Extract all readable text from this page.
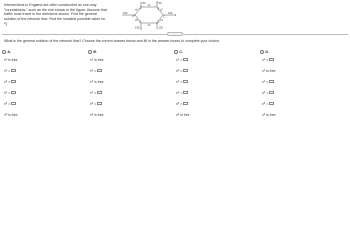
Intersections in England are often constructed as one-way
"roundabouts," such as the one shown in the figure. Assume that
traffic must travel in the directions shown. Find the general
solution of the network flow. Find the smallest possible value for
$x_6$.
80	50
100
120
150
100
A	B
C
D
E
F
x1
x2
x3
x4
x5
x6
· · ·
What is the general solution of the network flow? Choose the correct answer below and fill in the answer boxes to complete your choice.
A.
x 1 is free
x 2 =
x 3 =
x 4 =
x 5 =
x 6 is free
B.
x 1 is free
x 2 =
x 3 is free
x 4 =
x 5 =
x 6 is free
C.
x 1 =
x 2 =
x 3 =
x 4 =
x 5 =
x 6 is free
D.
x 1 =
x 2 is free
x 3 =
x 4 =
x 5 =
x 6 is free
